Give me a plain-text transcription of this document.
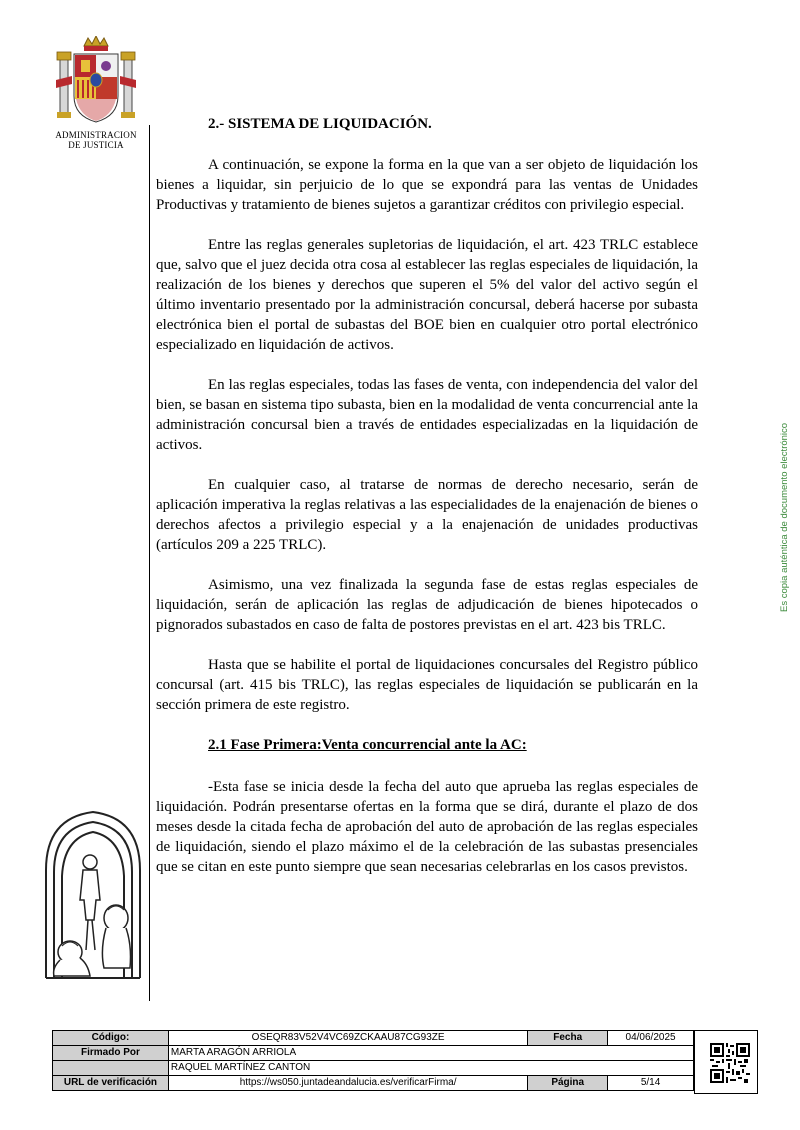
ADMINISTRACION
DE JUSTICIA
Es copia auténtica de documento electrónico

2.- SISTEMA DE LIQUIDACIÓN.

A continuación, se expone la forma en la que van a ser objeto de liquidación los bienes a liquidar, sin perjuicio de lo que se expondrá para las ventas de Unidades Productivas y tratamiento de bienes sujetos a garantizar créditos con privilegio especial.

Entre las reglas generales supletorias de liquidación, el art. 423 TRLC establece que, salvo que el juez decida otra cosa al establecer las reglas especiales de liquidación, la realización de los bienes y derechos que superen el 5% del valor del activo según el último inventario presentado por la administración concursal, deberá hacerse por subasta electrónica bien el portal de subastas del BOE bien en cualquier otro portal electrónico especializado en liquidación de activos.

En las reglas especiales, todas las fases de venta, con independencia del valor del bien, se basan en sistema tipo subasta, bien en la modalidad de venta concurrencial ante la administración concursal bien a través de entidades especializadas en la liquidación de activos.

En cualquier caso, al tratarse de normas de derecho necesario, serán de aplicación imperativa la reglas relativas a las especialidades de la enajenación de bienes o derechos afectos a privilegio especial y a la enajenación de unidades productivas (artículos 209 a 225 TRLC).

Asimismo, una vez finalizada la segunda fase de estas reglas especiales de liquidación, serán de aplicación las reglas de adjudicación de bienes hipotecados o pignorados subastados en caso de falta de postores previstas en el art. 423 bis TRLC.

Hasta que se habilite el portal de liquidaciones concursales del Registro público concursal (art. 415 bis TRLC), las reglas especiales de liquidación se publicarán en la sección primera de este registro.

2.1 Fase Primera:Venta concurrencial ante la AC:

-Esta fase se inicia desde la fecha del auto que aprueba las reglas especiales de liquidación. Podrán presentarse ofertas en la forma que se dirá, durante el plazo de dos meses desde la citada fecha de aprobación del auto de aprobación de las reglas especiales de liquidación, siendo el plazo máximo el de la celebración de las subastas presenciales que se citan en este punto siempre que sean necesarias celebrarlas en los casos previstos.

Código:	OSEQR83V52V4VC69ZCKAAU87CG93ZE	Fecha	04/06/2025
Firmado Por	MARTA ARAGÓN ARRIOLA		
	RAQUEL MARTÍNEZ CANTON		
URL de verificación	https://ws050.juntadeandalucia.es/verificarFirma/	Página	5/14
